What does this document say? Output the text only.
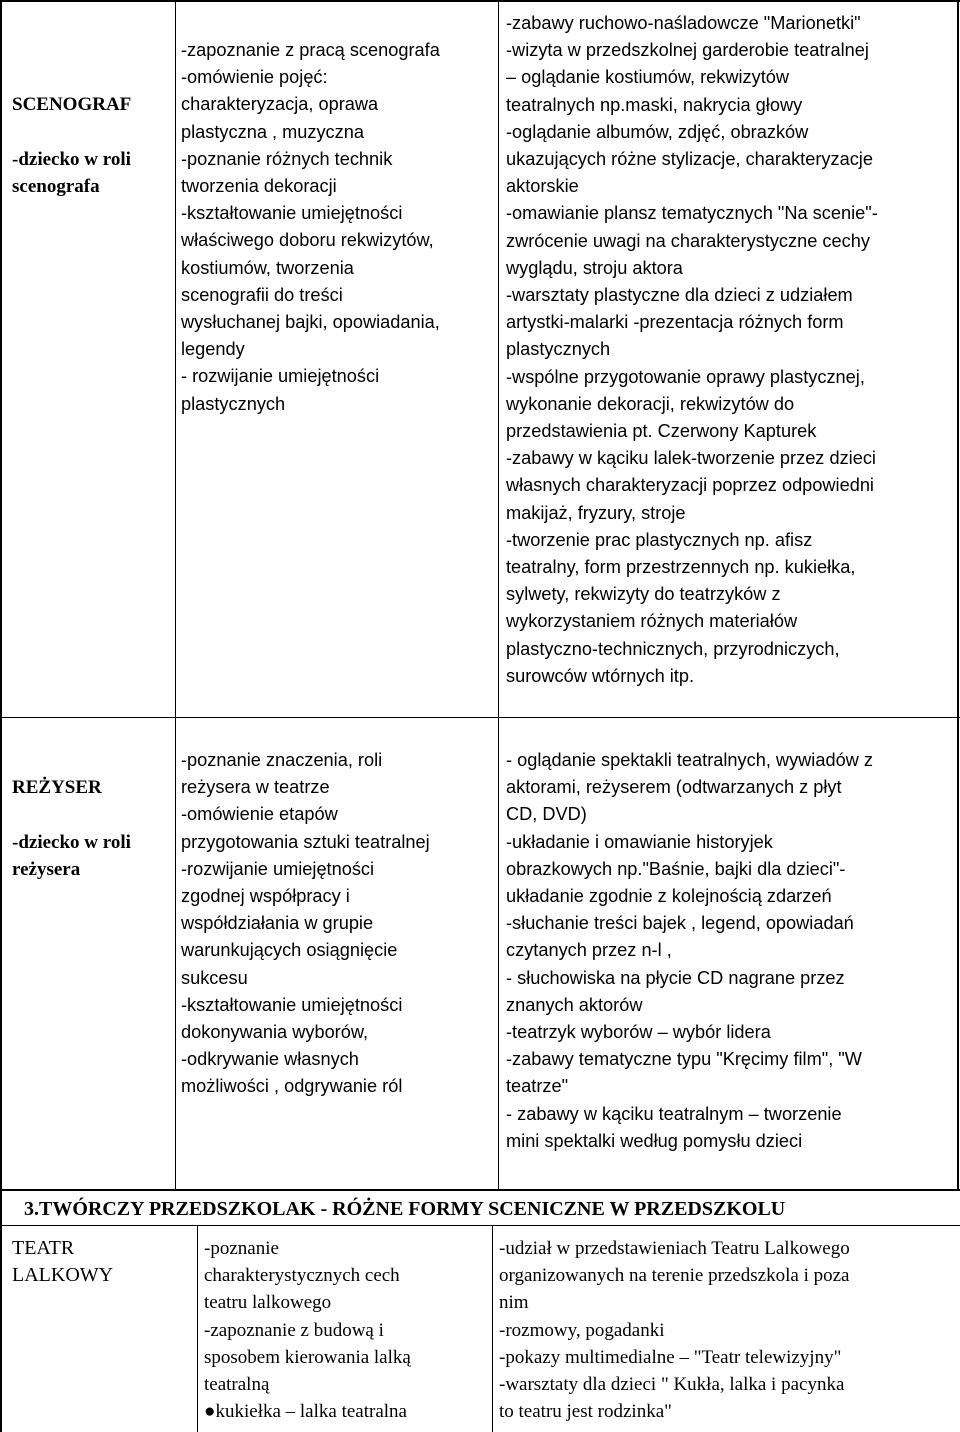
SCENOGRAF

-dziecko w roli
scenografa

-zapoznanie z pracą scenografa
-omówienie pojęć:
charakteryzacja, oprawa
plastyczna , muzyczna
-poznanie różnych technik
tworzenia dekoracji
-kształtowanie umiejętności
właściwego doboru rekwizytów,
kostiumów, tworzenia
scenografii do treści
wysłuchanej bajki, opowiadania,
legendy
- rozwijanie umiejętności
plastycznych
-zabawy ruchowo-naśladowcze "Marionetki"
-wizyta w przedszkolnej garderobie teatralnej
– oglądanie kostiumów, rekwizytów
teatralnych np.maski, nakrycia głowy
-oglądanie albumów, zdjęć, obrazków
ukazujących różne stylizacje, charakteryzacje
aktorskie
-omawianie plansz tematycznych "Na scenie"-
zwrócenie uwagi na charakterystyczne cechy
wyglądu, stroju aktora
-warsztaty plastyczne dla dzieci z udziałem
artystki-malarki -prezentacja różnych form
plastycznych
-wspólne przygotowanie oprawy plastycznej,
wykonanie dekoracji, rekwizytów do
przedstawienia pt. Czerwony Kapturek
-zabawy w kąciku lalek-tworzenie przez dzieci
własnych charakteryzacji poprzez odpowiedni
makijaż, fryzury, stroje
-tworzenie prac plastycznych np. afisz
teatralny, form przestrzennych np. kukiełka,
sylwety, rekwizyty do teatrzyków z
wykorzystaniem różnych materiałów
plastyczno-technicznych, przyrodniczych,
surowców wtórnych itp.

REŻYSER

-dziecko w roli
reżysera

-poznanie znaczenia, roli
reżysera w teatrze
-omówienie etapów
przygotowania sztuki teatralnej
-rozwijanie umiejętności
zgodnej współpracy i
współdziałania w grupie
warunkujących osiągnięcie
sukcesu
-kształtowanie umiejętności
dokonywania wyborów,
-odkrywanie własnych
możliwości , odgrywanie ról
- oglądanie spektakli teatralnych, wywiadów z
aktorami, reżyserem (odtwarzanych z płyt
CD, DVD)
-układanie i omawianie historyjek
obrazkowych np."Baśnie, bajki dla dzieci"-
układanie zgodnie z kolejnością zdarzeń
-słuchanie treści bajek , legend, opowiadań
czytanych przez n-l ,
- słuchowiska na płycie CD nagrane przez
znanych aktorów
-teatrzyk wyborów – wybór lidera
-zabawy tematyczne typu "Kręcimy film", "W
teatrze"
- zabawy w kąciku teatralnym – tworzenie
mini spektalki według pomysłu dzieci
3.TWÓRCZY PRZEDSZKOLAK - RÓŻNE FORMY SCENICZNE W PRZEDSZKOLU
TEATR
LALKOWY
-poznanie
charakterystycznych cech
teatru lalkowego
-zapoznanie z budową i
sposobem kierowania lalką
teatralną
●kukiełka – lalka teatralna
-udział w przedstawieniach Teatru Lalkowego
organizowanych na terenie przedszkola i poza
nim
-rozmowy, pogadanki
-pokazy multimedialne – "Teatr telewizyjny"
-warsztaty dla dzieci " Kukła, lalka i pacynka
to teatru jest rodzinka"
